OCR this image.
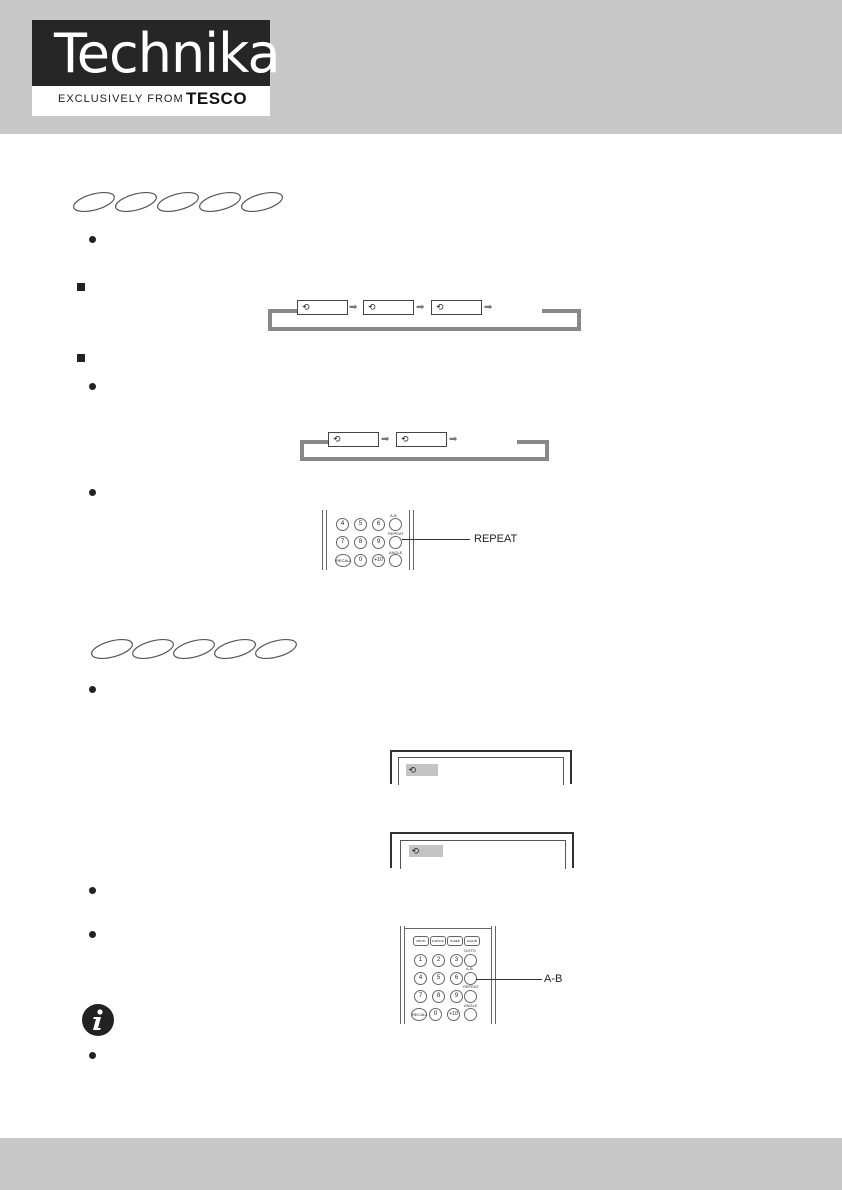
Technika
EXCLUSIVELY FROM TESCO
⟲	➡ ⟲	➡ ⟲	➡
⟲	➡ ⟲	➡
4	5	6
7	8	9
RECALL	0	+10
A-B
REPEAT
ANGLE
REPEAT
⟲
⟲
PBC/D	E.BOOK	SLEEP	EQ/LIB
1	2	3
4	5	6
7	8	9
RECALL	0	+10
GOTO
A-B
REPEAT
ANGLE
A-B
